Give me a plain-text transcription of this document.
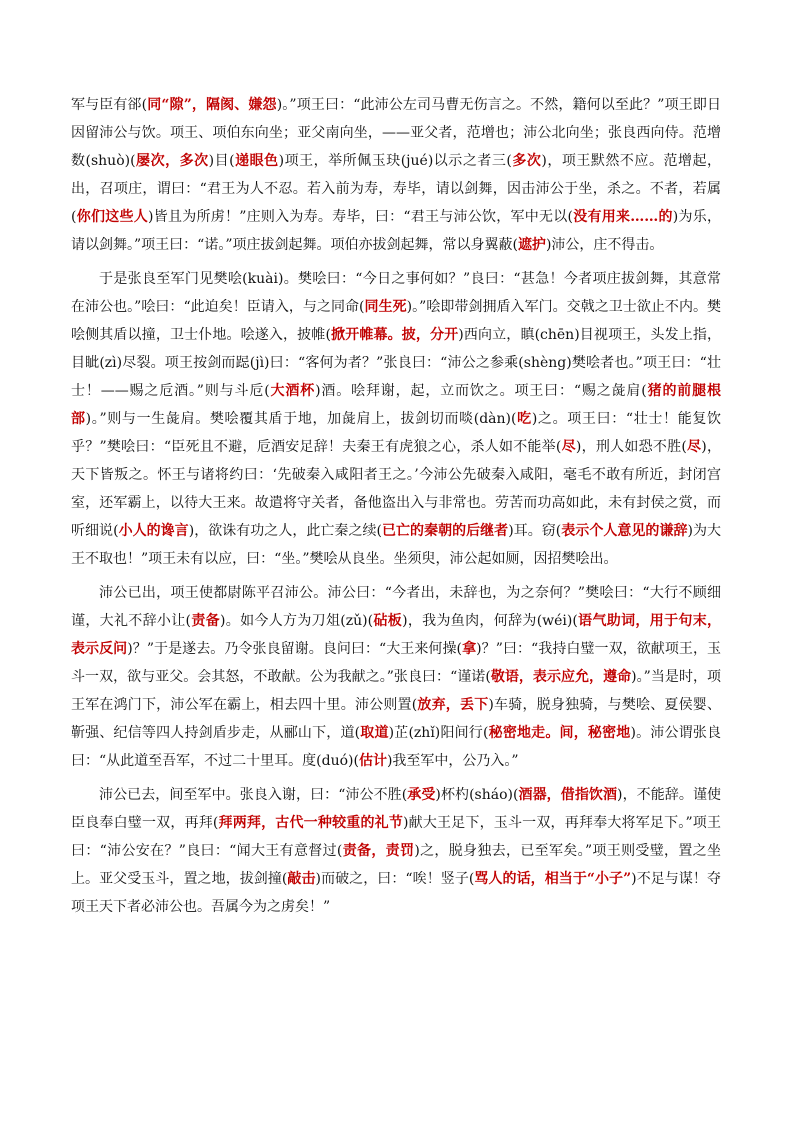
军与臣有郤(同“隙”，隔阂、嫌怨)。”项王曰：“此沛公左司马曹无伤言之。不然，籍何以至此？”项王即日因留沛公与饮。项王、项伯东向坐；亚父南向坐，——亚父者，范增也；沛公北向坐；张良西向侍。范增数(shuò)(屡次，多次)目(递眼色)项王，举所佩玉玦(jué)以示之者三(多次)，项王默然不应。范增起，出，召项庄，谓曰：“君王为人不忍。若入前为寿，寿毕，请以剑舞，因击沛公于坐，杀之。不者，若属(你们这些人)皆且为所虏！”庄则入为寿。寿毕，曰：“君王与沛公饮，军中无以(没有用来……的)为乐，请以剑舞。”项王曰：“诺。”项庄拔剑起舞。项伯亦拔剑起舞，常以身翼蔽(遮护)沛公，庄不得击。

于是张良至军门见樊哙(kuài)。樊哙曰：“今日之事何如？”良曰：“甚急！今者项庄拔剑舞，其意常在沛公也。”哙曰：“此迫矣！臣请入，与之同命(同生死)。”哙即带剑拥盾入军门。交戟之卫士欲止不内。樊哙侧其盾以撞，卫士仆地。哙遂入，披帷(掀开帷幕。披，分开)西向立，瞋(chēn)目视项王，头发上指，目眦(zì)尽裂。项王按剑而跽(jì)曰：“客何为者？”张良曰：“沛公之参乘(shèng)樊哙者也。”项王曰：“壮士！——赐之卮酒。”则与斗卮(大酒杯)酒。哙拜谢，起，立而饮之。项王曰：“赐之彘肩(猪的前腿根部)。”则与一生彘肩。樊哙覆其盾于地，加彘肩上，拔剑切而啖(dàn)(吃)之。项王曰：“壮士！能复饮乎？”樊哙曰：“臣死且不避，卮酒安足辞！夫秦王有虎狼之心，杀人如不能举(尽)，刑人如恐不胜(尽)，天下皆叛之。怀王与诸将约曰：‘先破秦入咸阳者王之。’今沛公先破秦入咸阳，毫毛不敢有所近，封闭宫室，还军霸上，以待大王来。故遣将守关者，备他盗出入与非常也。劳苦而功高如此，未有封侯之赏，而听细说(小人的谗言)，欲诛有功之人，此亡秦之续(已亡的秦朝的后继者)耳。窃(表示个人意见的谦辞)为大王不取也！”项王未有以应，曰：“坐。”樊哙从良坐。坐须臾，沛公起如厕，因招樊哙出。

沛公已出，项王使都尉陈平召沛公。沛公曰：“今者出，未辞也，为之奈何？”樊哙曰：“大行不顾细谨，大礼不辞小让(责备)。如今人方为刀俎(zǔ)(砧板)，我为鱼肉，何辞为(wéi)(语气助词，用于句末，表示反问)？”于是遂去。乃令张良留谢。良问曰：“大王来何操(拿)？”曰：“我持白璧一双，欲献项王，玉斗一双，欲与亚父。会其怒，不敢献。公为我献之。”张良曰：“谨诺(敬语，表示应允，遵命)。”当是时，项王军在鸿门下，沛公军在霸上，相去四十里。沛公则置(放弃，丢下)车骑，脱身独骑，与樊哙、夏侯婴、靳强、纪信等四人持剑盾步走，从郦山下，道(取道)芷(zhǐ)阳间行(秘密地走。间，秘密地)。沛公谓张良曰：“从此道至吾军，不过二十里耳。度(duó)(估计)我至军中，公乃入。”

沛公已去，间至军中。张良入谢，曰：“沛公不胜(承受)杯杓(sháo)(酒器，借指饮酒)，不能辞。谨使臣良奉白璧一双，再拜(拜两拜，古代一种较重的礼节)献大王足下，玉斗一双，再拜奉大将军足下。”项王曰：“沛公安在？”良曰：“闻大王有意督过(责备，责罚)之，脱身独去，已至军矣。”项王则受璧，置之坐上。亚父受玉斗，置之地，拔剑撞(敲击)而破之，曰：“唉！竖子(骂人的话，相当于“小子”)不足与谋！夺项王天下者必沛公也。吾属今为之虏矣！”
